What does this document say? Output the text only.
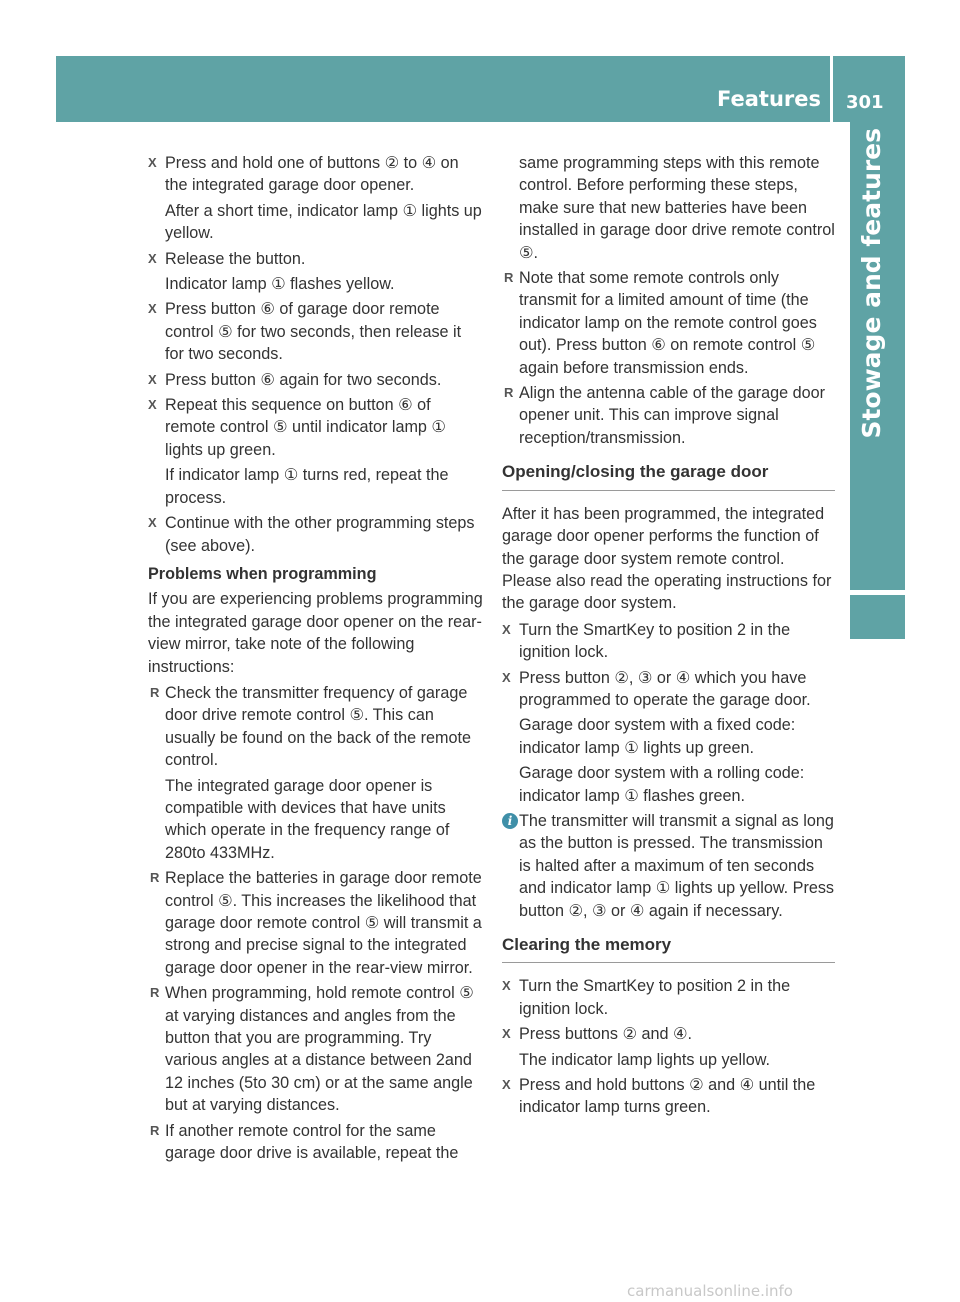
Features 301
Stowage and features
X Press and hold one of buttons ② to ④ on the integrated garage door opener.
After a short time, indicator lamp ① lights up yellow.
X Release the button.
Indicator lamp ① flashes yellow.
X Press button ⑥ of garage door remote control ⑤ for two seconds, then release it for two seconds.
X Press button ⑥ again for two seconds.
X Repeat this sequence on button ⑥ of remote control ⑤ until indicator lamp ① lights up green.
If indicator lamp ① turns red, repeat the process.
X Continue with the other programming steps (see above).
Problems when programming
If you are experiencing problems programming the integrated garage door opener on the rear-view mirror, take note of the following instructions:
R Check the transmitter frequency of garage door drive remote control ⑤. This can usually be found on the back of the remote control.
The integrated garage door opener is compatible with devices that have units which operate in the frequency range of 280to 433MHz.
R Replace the batteries in garage door remote control ⑤. This increases the likelihood that garage door remote control ⑤ will transmit a strong and precise signal to the integrated garage door opener in the rear-view mirror.
R When programming, hold remote control ⑤ at varying distances and angles from the button that you are programming. Try various angles at a distance between 2and 12 inches (5to 30 cm) or at the same angle but at varying distances.
R If another remote control for the same garage door drive is available, repeat the
same programming steps with this remote control. Before performing these steps, make sure that new batteries have been installed in garage door drive remote control ⑤.
R Note that some remote controls only transmit for a limited amount of time (the indicator lamp on the remote control goes out). Press button ⑥ on remote control ⑤ again before transmission ends.
R Align the antenna cable of the garage door opener unit. This can improve signal reception/transmission.
Opening/closing the garage door
After it has been programmed, the integrated garage door opener performs the function of the garage door system remote control. Please also read the operating instructions for the garage door system.
X Turn the SmartKey to position 2 in the ignition lock.
X Press button ②, ③ or ④ which you have programmed to operate the garage door.
Garage door system with a fixed code: indicator lamp ① lights up green.
Garage door system with a rolling code: indicator lamp ① flashes green.
i The transmitter will transmit a signal as long as the button is pressed. The transmission is halted after a maximum of ten seconds and indicator lamp ① lights up yellow. Press button ②, ③ or ④ again if necessary.
Clearing the memory
X Turn the SmartKey to position 2 in the ignition lock.
X Press buttons ② and ④.
The indicator lamp lights up yellow.
X Press and hold buttons ② and ④ until the indicator lamp turns green.
carmanualsonline.info
